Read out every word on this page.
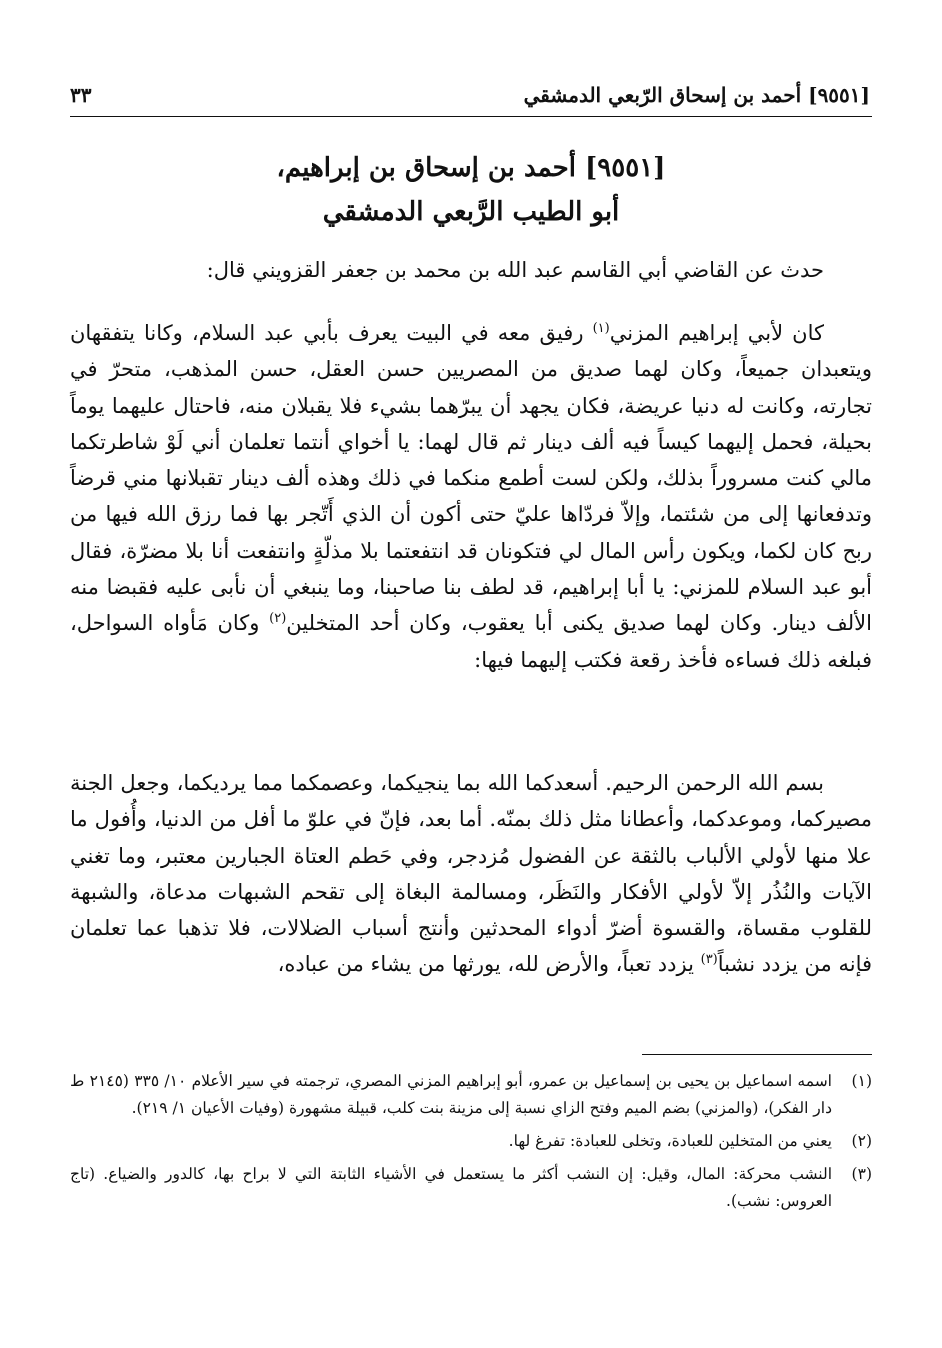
[٩٥٥١] أحمد بن إسحاق الرّبعي الدمشقي
٣٣
[٩٥٥١] أحمد بن إسحاق بن إبراهيم،
أبو الطيب الرَّبعي الدمشقي
حدث عن القاضي أبي القاسم عبد الله بن محمد بن جعفر القزويني قال:
كان لأبي إبراهيم المزني$^{(١)}$ رفيق معه في البيت يعرف بأبي عبد السلام، وكانا يتفقهان ويتعبدان جميعاً، وكان لهما صديق من المصريين حسن العقل، حسن المذهب، متحرّ في تجارته، وكانت له دنيا عريضة، فكان يجهد أن يبرّهما بشيء فلا يقبلان منه، فاحتال عليهما يوماً بحيلة، فحمل إليهما كيساً فيه ألف دينار ثم قال لهما: يا أخواي أنتما تعلمان أني لَوْ شاطرتكما مالي كنت مسروراً بذلك، ولكن لست أطمع منكما في ذلك وهذه ألف دينار تقبلانها مني قرضاً وتدفعانها إلى من شئتما، وإلاّ فردّاها عليّ حتى أكون أن الذي أَتّجر بها فما رزق الله فيها من ربح كان لكما، ويكون رأس المال لي فتكونان قد انتفعتما بلا مذلّةٍ وانتفعت أنا بلا مضرّة، فقال أبو عبد السلام للمزني: يا أبا إبراهيم، قد لطف بنا صاحبنا، وما ينبغي أن نأبى عليه فقبضا منه الألف دينار. وكان لهما صديق يكنى أبا يعقوب، وكان أحد المتخلين$^{(٢)}$ وكان مَأواه السواحل، فبلغه ذلك فساءه فأخذ رقعة فكتب إليهما فيها:
بسم الله الرحمن الرحيم. أسعدكما الله بما ينجيكما، وعصمكما مما يرديكما، وجعل الجنة مصيركما، وموعدكما، وأعطانا مثل ذلك بمنّه. أما بعد، فإنّ في علوّ ما أفل من الدنيا، وأُفول ما علا منها لأولي الألباب بالثقة عن الفضول مُزدجر، وفي حَطم العتاة الجبارين معتبر، وما تغني الآيات والنُذُر إلاّ لأولي الأفكار والنَظَر، ومسالمة البغاة إلى تقحم الشبهات مدعاة، والشبهة للقلوب مقساة، والقسوة أضرّ أدواء المحدثين وأنتج أسباب الضلالات، فلا تذهبا عما تعلمان فإنه من يزدد نشباً$^{(٣)}$ يزدد تعباً، والأرض لله، يورثها من يشاء من عباده،
(١)
اسمه اسماعيل بن يحيى بن إسماعيل بن عمرو، أبو إبراهيم المزني المصري، ترجمته في سير الأعلام ١٠/ ٣٣٥ (٢١٤٥ ط دار الفكر)، (والمزني) بضم الميم وفتح الزاي نسبة إلى مزينة بنت كلب، قبيلة مشهورة (وفيات الأعيان ١/ ٢١٩).
(٢)
يعني من المتخلين للعبادة، وتخلى للعبادة: تفرغ لها.
(٣)
النشب محركة: المال، وقيل: إن النشب أكثر ما يستعمل في الأشياء الثابتة التي لا براح بها، كالدور والضياع. (تاج العروس: نشب).
